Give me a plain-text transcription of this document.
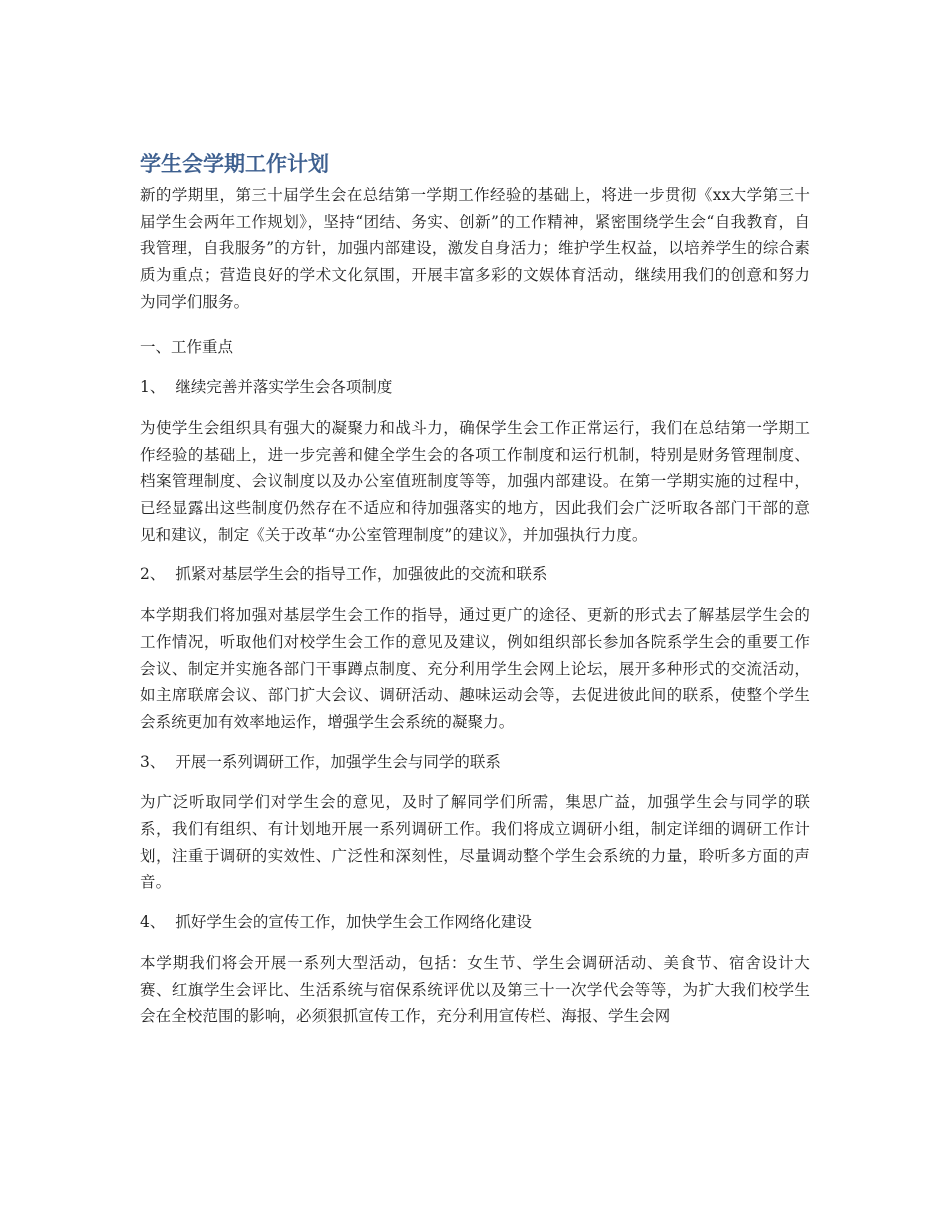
学生会学期工作计划

新的学期里，第三十届学生会在总结第一学期工作经验的基础上，将进一步贯彻《xx大学第三十届学生会两年工作规划》，坚持“团结、务实、创新”的工作精神，紧密围绕学生会“自我教育，自我管理，自我服务”的方针，加强内部建设，激发自身活力；维护学生权益，以培养学生的综合素质为重点；营造良好的学术文化氛围，开展丰富多彩的文娱体育活动，继续用我们的创意和努力为同学们服务。

一、工作重点

1、 继续完善并落实学生会各项制度

为使学生会组织具有强大的凝聚力和战斗力，确保学生会工作正常运行，我们在总结第一学期工作经验的基础上，进一步完善和健全学生会的各项工作制度和运行机制，特别是财务管理制度、档案管理制度、会议制度以及办公室值班制度等等，加强内部建设。在第一学期实施的过程中，已经显露出这些制度仍然存在不适应和待加强落实的地方，因此我们会广泛听取各部门干部的意见和建议，制定《关于改革“办公室管理制度”的建议》，并加强执行力度。

2、 抓紧对基层学生会的指导工作，加强彼此的交流和联系

本学期我们将加强对基层学生会工作的指导，通过更广的途径、更新的形式去了解基层学生会的工作情况，听取他们对校学生会工作的意见及建议，例如组织部长参加各院系学生会的重要工作会议、制定并实施各部门干事蹲点制度、充分利用学生会网上论坛，展开多种形式的交流活动，如主席联席会议、部门扩大会议、调研活动、趣味运动会等，去促进彼此间的联系，使整个学生会系统更加有效率地运作，增强学生会系统的凝聚力。

3、 开展一系列调研工作，加强学生会与同学的联系

为广泛听取同学们对学生会的意见，及时了解同学们所需，集思广益，加强学生会与同学的联系，我们有组织、有计划地开展一系列调研工作。我们将成立调研小组，制定详细的调研工作计划，注重于调研的实效性、广泛性和深刻性，尽量调动整个学生会系统的力量，聆听多方面的声音。

4、 抓好学生会的宣传工作，加快学生会工作网络化建设

本学期我们将会开展一系列大型活动，包括：女生节、学生会调研活动、美食节、宿舍设计大赛、红旗学生会评比、生活系统与宿保系统评优以及第三十一次学代会等等，为扩大我们校学生会在全校范围的影响，必须狠抓宣传工作，充分利用宣传栏、海报、学生会网
